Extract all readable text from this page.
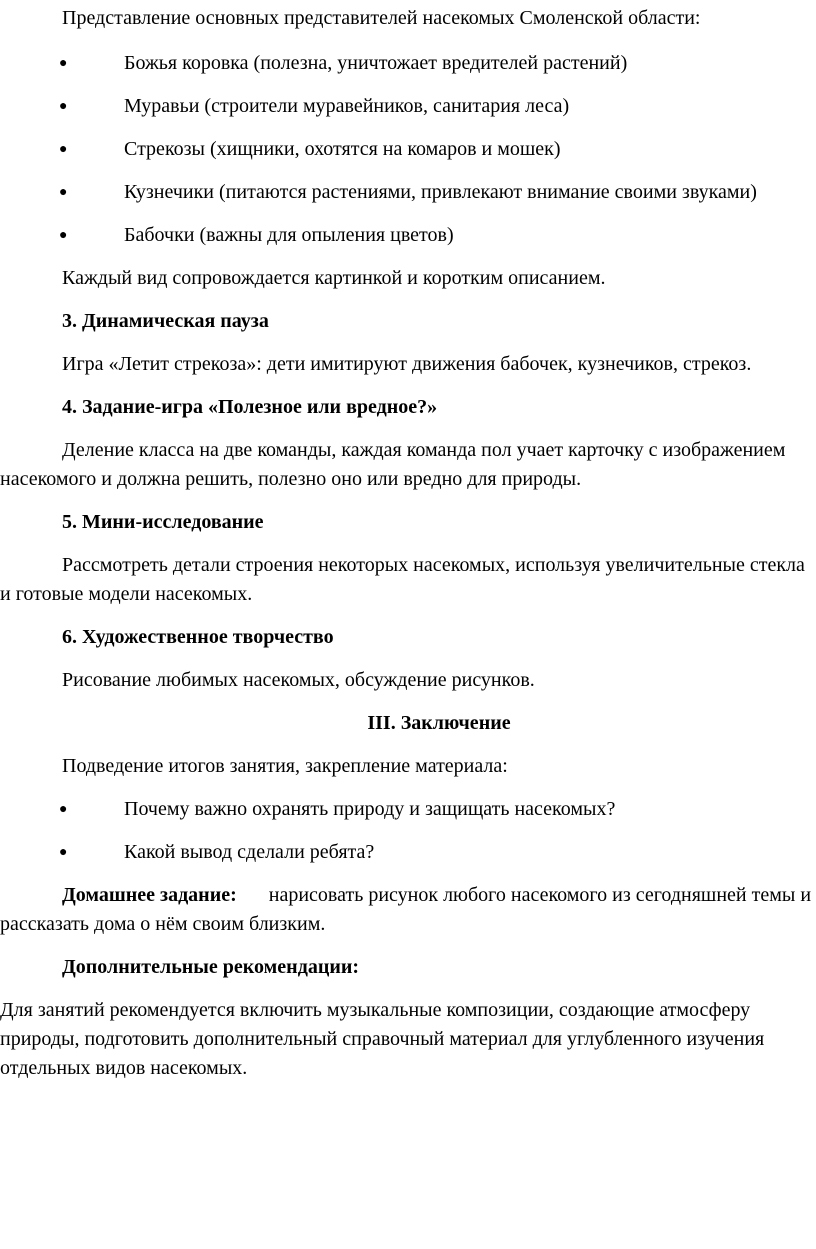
Представление основных представителей насекомых Смоленской области:

●	Божья коровка (полезна, уничтожает вредителей растений)
●	Муравьи (строители муравейников, санитария леса)
●	Стрекозы (хищники, охотятся на комаров и мошек)
●	Кузнечики (питаются растениями, привлекают внимание своими звуками)
●	Бабочки (важны для опыления цветов)

Каждый вид сопровождается картинкой и коротким описанием.

3. Динамическая пауза

Игра «Летит стрекоза»: дети имитируют движения бабочек, кузнечиков, стрекоз.

4. Задание-игра «Полезное или вредное?»

Деление класса на две команды, каждая команда пол учает карточку с изображением насекомого и должна решить, полезно оно или вредно для природы.

5. Мини-исследование

Рассмотреть детали строения некоторых насекомых, используя увеличительные стекла и готовые модели насекомых.

6. Художественное творчество

Рисование любимых насекомых, обсуждение рисунков.

III. Заключение

Подведение итогов занятия, закрепление материала:

●	Почему важно охранять природу и защищать насекомых?
●	Какой вывод сделали ребята?

Домашнее задание: нарисовать рисунок любого насекомого из сегодняшней темы и рассказать дома о нём своим близким.

Дополнительные рекомендации:

Для занятий рекомендуется включить музыкальные композиции, создающие атмосферу природы, подготовить дополнительный справочный материал для углубленного изучения отдельных видов насекомых.
